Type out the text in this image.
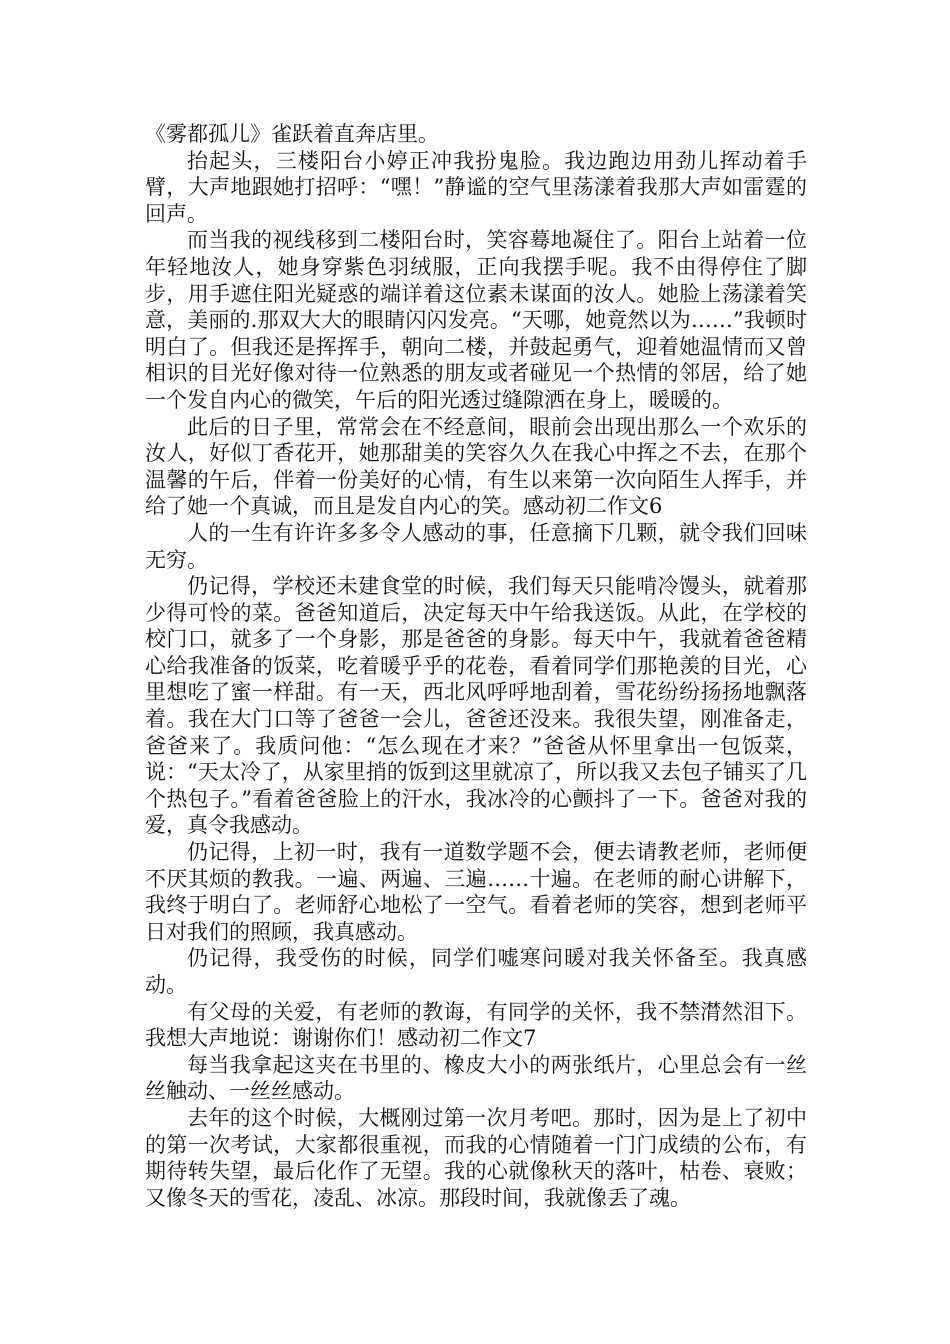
《雾都孤儿》雀跃着直奔店里。

抬起头，三楼阳台小婷正冲我扮鬼脸。我边跑边用劲儿挥动着手臂，大声地跟她打招呼：“嘿！”静谧的空气里荡漾着我那大声如雷霆的回声。

而当我的视线移到二楼阳台时，笑容蓦地凝住了。阳台上站着一位年轻地汝人，她身穿紫色羽绒服，正向我摆手呢。我不由得停住了脚步，用手遮住阳光疑惑的端详着这位素未谋面的汝人。她脸上荡漾着笑意，美丽的.那双大大的眼睛闪闪发亮。“天哪，她竟然以为……”我顿时明白了。但我还是挥挥手，朝向二楼，并鼓起勇气，迎着她温情而又曾相识的目光好像对待一位熟悉的朋友或者碰见一个热情的邻居，给了她一个发自内心的微笑，午后的阳光透过缝隙洒在身上，暖暖的。

此后的日子里，常常会在不经意间，眼前会出现出那么一个欢乐的汝人，好似丁香花开，她那甜美的笑容久久在我心中挥之不去，在那个温馨的午后，伴着一份美好的心情，有生以来第一次向陌生人挥手，并给了她一个真诚，而且是发自内心的笑。感动初二作文6

人的一生有许许多多令人感动的事，任意摘下几颗，就令我们回味无穷。

仍记得，学校还未建食堂的时候，我们每天只能啃冷馒头，就着那少得可怜的菜。爸爸知道后，决定每天中午给我送饭。从此，在学校的校门口，就多了一个身影，那是爸爸的身影。每天中午，我就着爸爸精心给我准备的饭菜，吃着暖乎乎的花卷，看着同学们那艳羡的目光，心里想吃了蜜一样甜。有一天，西北风呼呼地刮着，雪花纷纷扬扬地飘落着。我在大门口等了爸爸一会儿，爸爸还没来。我很失望，刚准备走，爸爸来了。我质问他：“怎么现在才来？”爸爸从怀里拿出一包饭菜，说：“天太冷了，从家里捎的饭到这里就凉了，所以我又去包子铺买了几个热包子。”看着爸爸脸上的汗水，我冰冷的心颤抖了一下。爸爸对我的爱，真令我感动。

仍记得，上初一时，我有一道数学题不会，便去请教老师，老师便不厌其烦的教我。一遍、两遍、三遍……十遍。在老师的耐心讲解下，我终于明白了。老师舒心地松了一空气。看着老师的笑容，想到老师平日对我们的照顾，我真感动。

仍记得，我受伤的时候，同学们嘘寒问暖对我关怀备至。我真感动。

有父母的关爱，有老师的教诲，有同学的关怀，我不禁潸然泪下。我想大声地说：谢谢你们！感动初二作文7

每当我拿起这夹在书里的、橡皮大小的两张纸片，心里总会有一丝丝触动、一丝丝感动。

去年的这个时候，大概刚过第一次月考吧。那时，因为是上了初中的第一次考试，大家都很重视，而我的心情随着一门门成绩的公布，有期待转失望，最后化作了无望。我的心就像秋天的落叶，枯卷、衰败；又像冬天的雪花，凌乱、冰凉。那段时间，我就像丢了魂。
